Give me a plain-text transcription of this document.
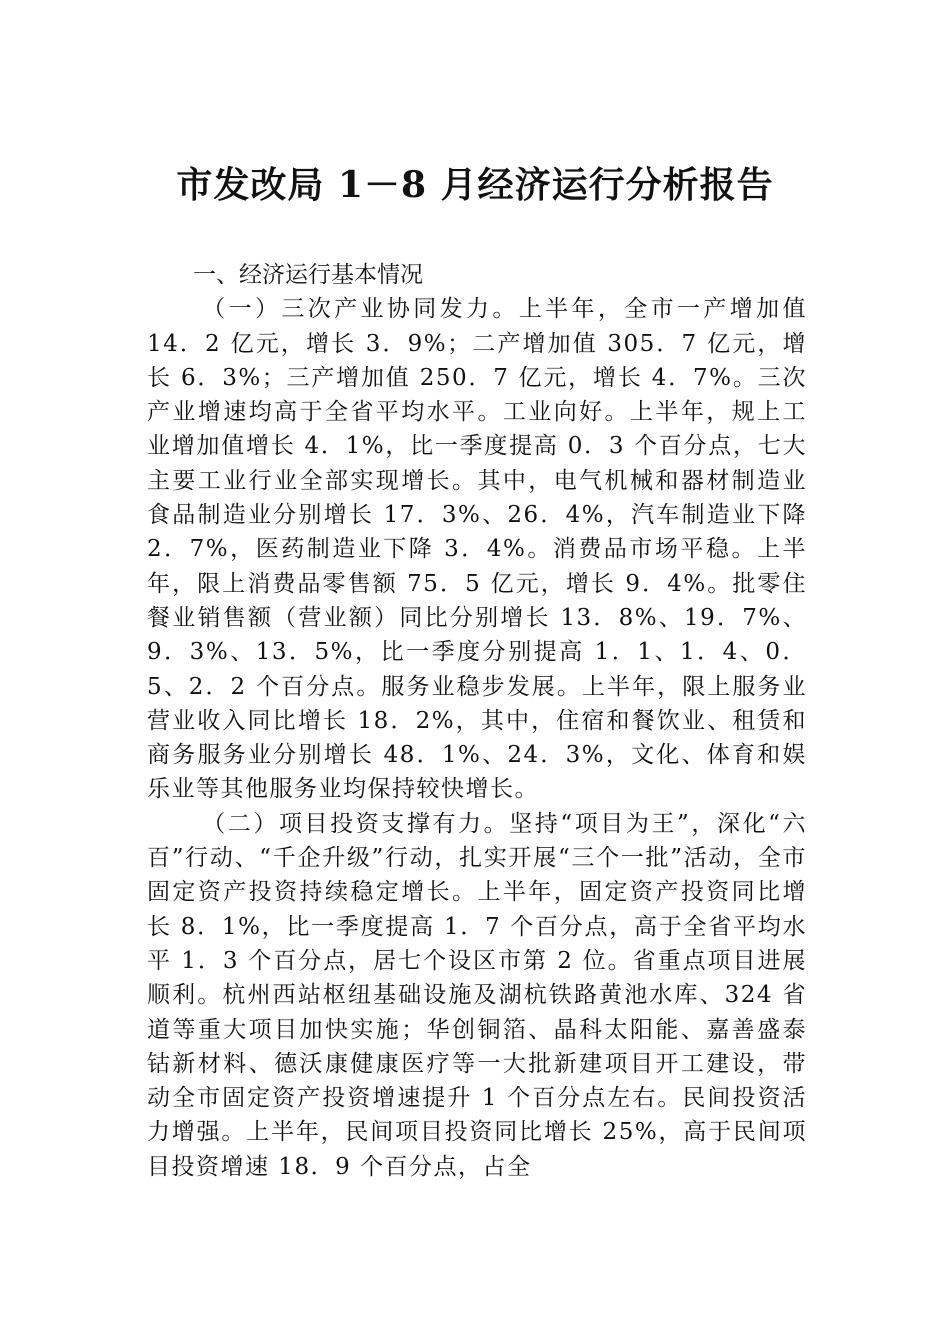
市发改局 1－8 月经济运行分析报告

一、经济运行基本情况

（一）三次产业协同发力。上半年，全市一产增加值 14．2 亿元，增长 3．9%；二产增加值 305．7 亿元，增长 6．3%；三产增加值 250．7 亿元，增长 4．7%。三次产业增速均高于全省平均水平。工业向好。上半年，规上工业增加值增长 4．1%，比一季度提高 0．3 个百分点，七大主要工业行业全部实现增长。其中，电气机械和器材制造业食品制造业分别增长 17．3%、26．4%，汽车制造业下降 2．7%，医药制造业下降 3．4%。消费品市场平稳。上半年，限上消费品零售额 75．5 亿元，增长 9．4%。批零住餐业销售额（营业额）同比分别增长 13．8%、19．7%、9．3%、13．5%，比一季度分别提高 1．1、1．4、0．5、2．2 个百分点。服务业稳步发展。上半年，限上服务业营业收入同比增长 18．2%，其中，住宿和餐饮业、租赁和商务服务业分别增长 48．1%、24．3%，文化、体育和娱乐业等其他服务业均保持较快增长。

（二）项目投资支撑有力。坚持“项目为王”，深化“六百”行动、“千企升级”行动，扎实开展“三个一批”活动，全市固定资产投资持续稳定增长。上半年，固定资产投资同比增长 8．1%，比一季度提高 1．7 个百分点，高于全省平均水平 1．3 个百分点，居七个设区市第 2 位。省重点项目进展顺利。杭州西站枢纽基础设施及湖杭铁路黄池水库、324 省道等重大项目加快实施；华创铜箔、晶科太阳能、嘉善盛泰钴新材料、德沃康健康医疗等一大批新建项目开工建设，带动全市固定资产投资增速提升 1 个百分点左右。民间投资活力增强。上半年，民间项目投资同比增长 25%，高于民间项目投资增速 18．9 个百分点，占全
